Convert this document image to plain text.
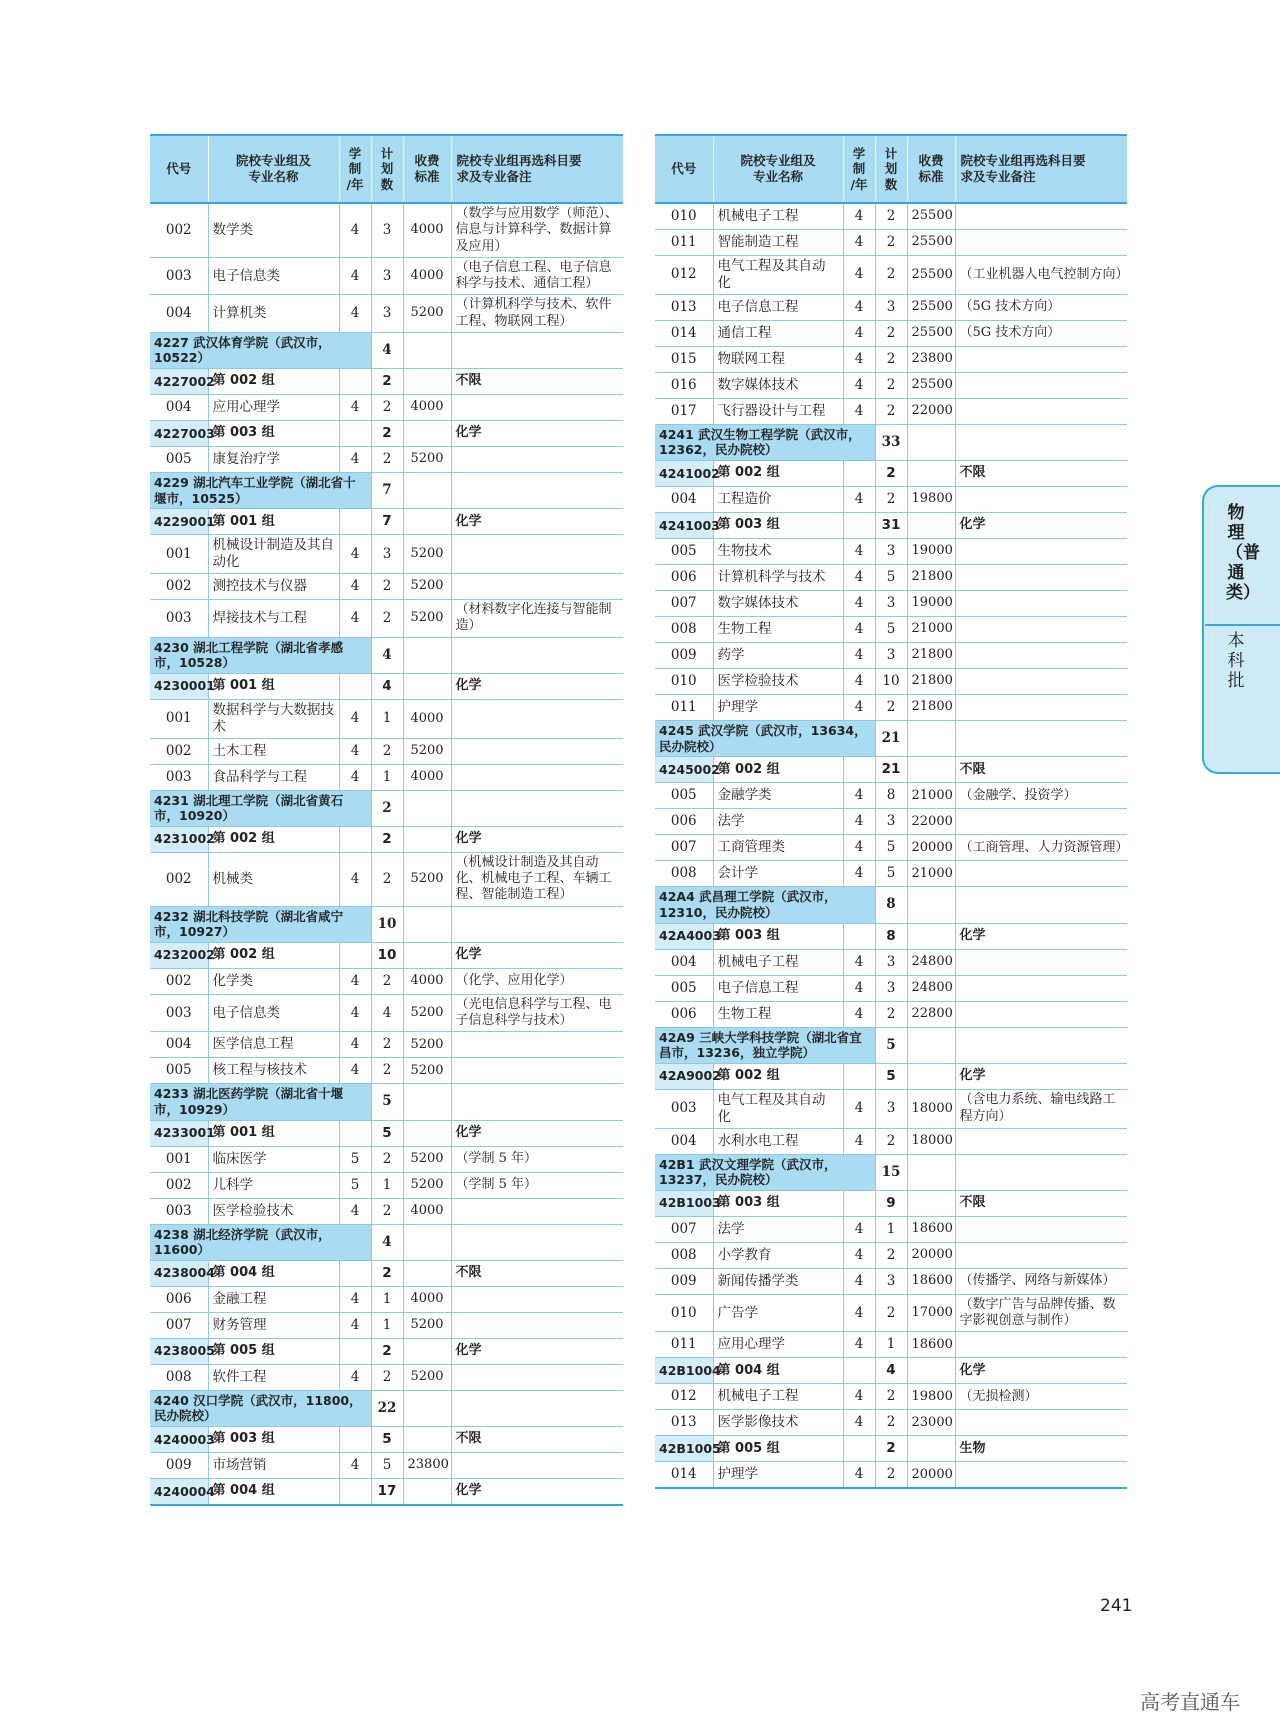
代号	院校专业组及
专业名称	学
制
/年	计
划
数	收费
标准	院校专业组再选科目要
求及专业备注
002	数学类	4	3	4000	（数学与应用数学（师范）、信息与计算科学、数据计算及应用）
003	电子信息类	4	3	4000	（电子信息工程、电子信息科学与技术、通信工程）
004	计算机类	4	3	5200	（计算机科学与技术、软件工程、物联网工程）
4227 武汉体育学院（武汉市，10522）			4		
4227002	第 002 组		2		不限
004	应用心理学	4	2	4000	
4227003	第 003 组		2		化学
005	康复治疗学	4	2	5200	
4229 湖北汽车工业学院（湖北省十堰市，10525）			7		
4229001	第 001 组		7		化学
001	机械设计制造及其自动化	4	3	5200	
002	测控技术与仪器	4	2	5200	
003	焊接技术与工程	4	2	5200	（材料数字化连接与智能制造）
4230 湖北工程学院（湖北省孝感市，10528）			4		
4230001	第 001 组		4		化学
001	数据科学与大数据技术	4	1	4000	
002	土木工程	4	2	5200	
003	食品科学与工程	4	1	4000	
4231 湖北理工学院（湖北省黄石市，10920）			2		
4231002	第 002 组		2		化学
002	机械类	4	2	5200	（机械设计制造及其自动化、机械电子工程、车辆工程、智能制造工程）
4232 湖北科技学院（湖北省咸宁市，10927）			10		
4232002	第 002 组		10		化学
002	化学类	4	2	4000	（化学、应用化学）
003	电子信息类	4	4	5200	（光电信息科学与工程、电子信息科学与技术）
004	医学信息工程	4	2	5200	
005	核工程与核技术	4	2	5200	
4233 湖北医药学院（湖北省十堰市，10929）			5		
4233001	第 001 组		5		化学
001	临床医学	5	2	5200	（学制 5 年）
002	儿科学	5	1	5200	（学制 5 年）
003	医学检验技术	4	2	4000	
4238 湖北经济学院（武汉市，11600）			4		
4238004	第 004 组		2		不限
006	金融工程	4	1	4000	
007	财务管理	4	1	5200	
4238005	第 005 组		2		化学
008	软件工程	4	2	5200	
4240 汉口学院（武汉市，11800，民办院校）			22		
4240003	第 003 组		5		不限
009	市场营销	4	5	23800	
4240004	第 004 组		17		化学
代号	院校专业组及
专业名称	学
制
/年	计
划
数	收费
标准	院校专业组再选科目要
求及专业备注
010	机械电子工程	4	2	25500	
011	智能制造工程	4	2	25500	
012	电气工程及其自动化	4	2	25500	（工业机器人电气控制方向）
013	电子信息工程	4	3	25500	（5G 技术方向）
014	通信工程	4	2	25500	（5G 技术方向）
015	物联网工程	4	2	23800	
016	数字媒体技术	4	2	25500	
017	飞行器设计与工程	4	2	22000	
4241 武汉生物工程学院（武汉市，12362，民办院校）			33		
4241002	第 002 组		2		不限
004	工程造价	4	2	19800	
4241003	第 003 组		31		化学
005	生物技术	4	3	19000	
006	计算机科学与技术	4	5	21800	
007	数字媒体技术	4	3	19000	
008	生物工程	4	5	21000	
009	药学	4	3	21800	
010	医学检验技术	4	10	21800	
011	护理学	4	2	21800	
4245 武汉学院（武汉市，13634，民办院校）			21		
4245002	第 002 组		21		不限
005	金融学类	4	8	21000	（金融学、投资学）
006	法学	4	3	22000	
007	工商管理类	4	5	20000	（工商管理、人力资源管理）
008	会计学	4	5	21000	
42A4 武昌理工学院（武汉市，12310，民办院校）			8		
42A4003	第 003 组		8		化学
004	机械电子工程	4	3	24800	
005	电子信息工程	4	3	24800	
006	生物工程	4	2	22800	
42A9 三峡大学科技学院（湖北省宜昌市，13236，独立学院）			5		
42A9002	第 002 组		5		化学
003	电气工程及其自动化	4	3	18000	（含电力系统、输电线路工程方向）
004	水利水电工程	4	2	18000	
42B1 武汉文理学院（武汉市，13237，民办院校）			15		
42B1003	第 003 组		9		不限
007	法学	4	1	18600	
008	小学教育	4	2	20000	
009	新闻传播学类	4	3	18600	（传播学、网络与新媒体）
010	广告学	4	2	17000	（数字广告与品牌传播、数字影视创意与制作）
011	应用心理学	4	1	18600	
42B1004	第 004 组		4		化学
012	机械电子工程	4	2	19800	（无损检测）
013	医学影像技术	4	2	23000	
42B1005	第 005 组		2		生物
014	护理学	4	2	20000	
物理（普通类）
本科批
241
高考直通车
